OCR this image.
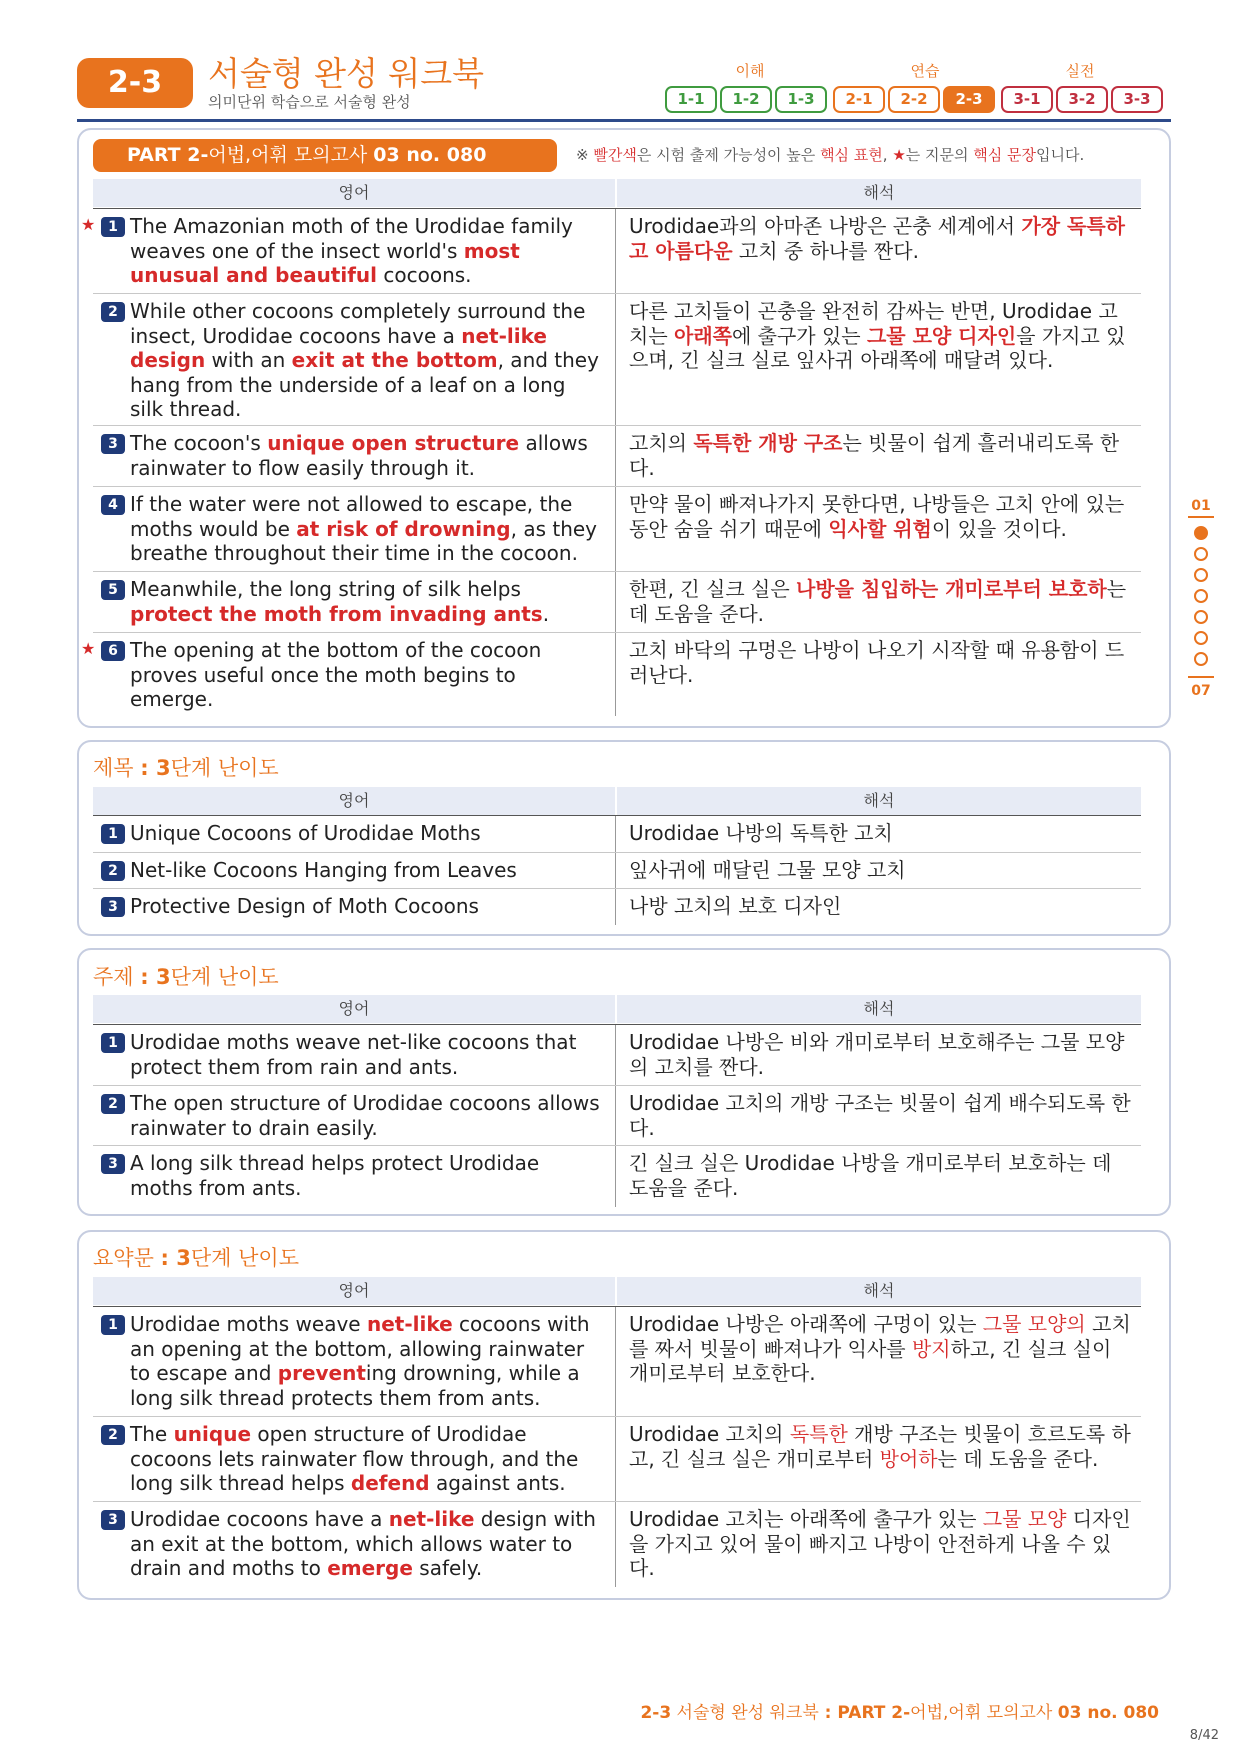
2-3	서술형 완성 워크북
의미단위 학습으로 서술형 완성
이해	연습	실전
1-1	1-2	1-3	2-1	2-2	2-3	3-1	3-2	3-3
01
07
PART 2-어법,어휘 모의고사 03 no. 080	※ 빨간색은 시험 출제 가능성이 높은 핵심 표현, ★는 지문의 핵심 문장입니다.
영어	해석
★ 1 The Amazonian moth of the Urodidae family weaves one of the insect world's most unusual and beautiful cocoons.
Urodidae과의 아마존 나방은 곤충 세계에서 가장 독특하고 아름다운 고치 중 하나를 짠다.
2 While other cocoons completely surround the insect, Urodidae cocoons have a net-like design with an exit at the bottom, and they hang from the underside of a leaf on a long silk thread.
다른 고치들이 곤충을 완전히 감싸는 반면, Urodidae 고치는 아래쪽에 출구가 있는 그물 모양 디자인을 가지고 있으며, 긴 실크 실로 잎사귀 아래쪽에 매달려 있다.
3 The cocoon's unique open structure allows rainwater to flow easily through it.
고치의 독특한 개방 구조는 빗물이 쉽게 흘러내리도록 한다.
4 If the water were not allowed to escape, the moths would be at risk of drowning, as they breathe throughout their time in the cocoon.
만약 물이 빠져나가지 못한다면, 나방들은 고치 안에 있는 동안 숨을 쉬기 때문에 익사할 위험이 있을 것이다.
5 Meanwhile, the long string of silk helps protect the moth from invading ants.
한편, 긴 실크 실은 나방을 침입하는 개미로부터 보호하는 데 도움을 준다.
★ 6 The opening at the bottom of the cocoon proves useful once the moth begins to emerge.
고치 바닥의 구멍은 나방이 나오기 시작할 때 유용함이 드러난다.
제목 : 3단계 난이도
영어	해석
1 Unique Cocoons of Urodidae Moths	Urodidae 나방의 독특한 고치
2 Net-like Cocoons Hanging from Leaves	잎사귀에 매달린 그물 모양 고치
3 Protective Design of Moth Cocoons	나방 고치의 보호 디자인
주제 : 3단계 난이도
영어	해석
1 Urodidae moths weave net-like cocoons that protect them from rain and ants.
Urodidae 나방은 비와 개미로부터 보호해주는 그물 모양의 고치를 짠다.
2 The open structure of Urodidae cocoons allows rainwater to drain easily.
Urodidae 고치의 개방 구조는 빗물이 쉽게 배수되도록 한다.
3 A long silk thread helps protect Urodidae moths from ants.
긴 실크 실은 Urodidae 나방을 개미로부터 보호하는 데 도움을 준다.
요약문 : 3단계 난이도
영어	해석
1 Urodidae moths weave net-like cocoons with an opening at the bottom, allowing rainwater to escape and preventing drowning, while a long silk thread protects them from ants.
Urodidae 나방은 아래쪽에 구멍이 있는 그물 모양의 고치를 짜서 빗물이 빠져나가 익사를 방지하고, 긴 실크 실이 개미로부터 보호한다.
2 The unique open structure of Urodidae cocoons lets rainwater flow through, and the long silk thread helps defend against ants.
Urodidae 고치의 독특한 개방 구조는 빗물이 흐르도록 하고, 긴 실크 실은 개미로부터 방어하는 데 도움을 준다.
3 Urodidae cocoons have a net-like design with an exit at the bottom, which allows water to drain and moths to emerge safely.
Urodidae 고치는 아래쪽에 출구가 있는 그물 모양 디자인을 가지고 있어 물이 빠지고 나방이 안전하게 나올 수 있다.
2-3 서술형 완성 워크북 : PART 2-어법,어휘 모의고사 03 no. 080
8/42
